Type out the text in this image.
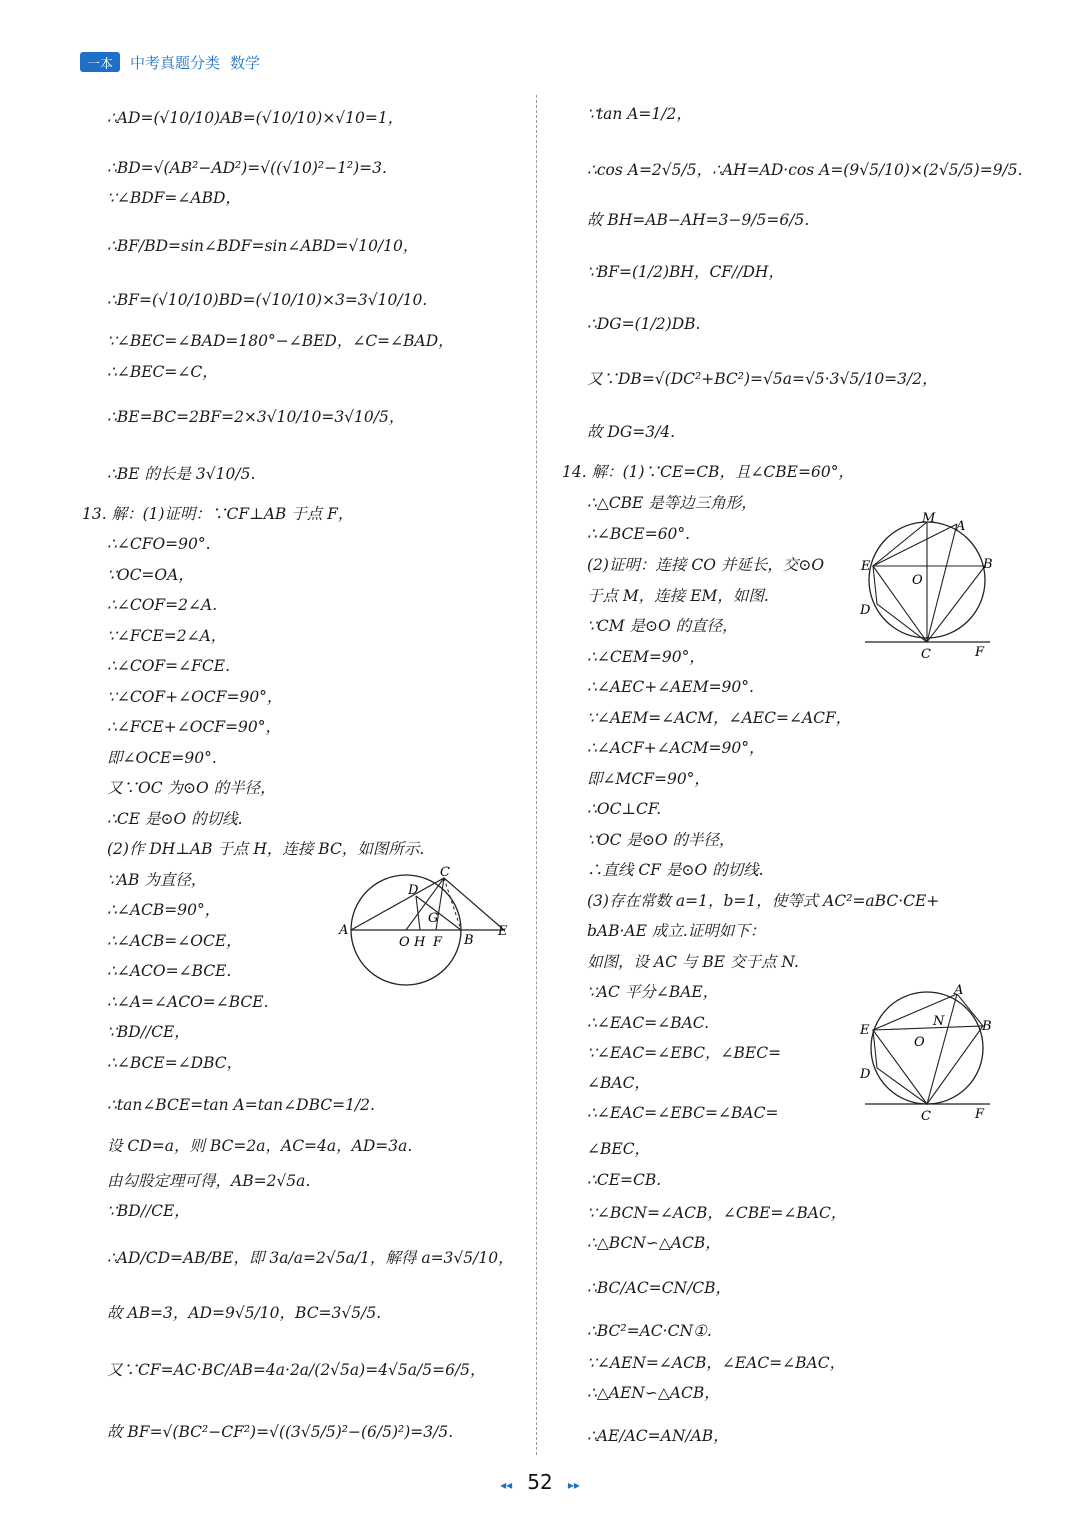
一本	中考真题分类 数学
∴AD=(√10/10)AB=(√10/10)×√10=1，
∴BD=√(AB²−AD²)=√((√10)²−1²)=3.
∵∠BDF=∠ABD，
∴BF/BD=sin∠BDF=sin∠ABD=√10/10，
∴BF=(√10/10)BD=(√10/10)×3=3√10/10.
∵∠BEC=∠BAD=180°−∠BED，∠C=∠BAD，
∴∠BEC=∠C，
∴BE=BC=2BF=2×3√10/10=3√10/5，
∴BE 的长是 3√10/5.
13. 解：(1)证明：∵CF⊥AB 于点 F，
∴∠CFO=90°.
∵OC=OA，
∴∠COF=2∠A.
∵∠FCE=2∠A，
∴∠COF=∠FCE.
∵∠COF+∠OCF=90°，
∴∠FCE+∠OCF=90°，
即∠OCE=90°.
又∵OC 为⊙O 的半径，
∴CE 是⊙O 的切线.
(2)作 DH⊥AB 于点 H，连接 BC，如图所示.
∵AB 为直径，
∴∠ACB=90°，
∴∠ACB=∠OCE，
∴∠ACO=∠BCE.
∴∠A=∠ACO=∠BCE.
∵BD//CE，
∴∠BCE=∠DBC，
∴tan∠BCE=tan A=tan∠DBC=1/2.
设 CD=a，则 BC=2a，AC=4a，AD=3a.
由勾股定理可得，AB=2√5a.
∵BD//CE，
∴AD/CD=AB/BE，即 3a/a=2√5a/1，解得 a=3√5/10，
故 AB=3，AD=9√5/10，BC=3√5/5.
又∵CF=AC·BC/AB=4a·2a/(2√5a)=4√5a/5=6/5，
故 BF=√(BC²−CF²)=√((3√5/5)²−(6/5)²)=3/5.
A
O H F B
E
C
D
G
∵tan A=1/2，
∴cos A=2√5/5，∴AH=AD·cos A=(9√5/10)×(2√5/5)=9/5.
故 BH=AB−AH=3−9/5=6/5.
∵BF=(1/2)BH，CF//DH，
∴DG=(1/2)DB.
又∵DB=√(DC²+BC²)=√5a=√5·3√5/10=3/2，
故 DG=3/4.
14. 解：(1)∵CE=CB，且∠CBE=60°，
∴△CBE 是等边三角形，
∴∠BCE=60°.
(2)证明：连接 CO 并延长，交⊙O
于点 M，连接 EM，如图.
∵CM 是⊙O 的直径，
∴∠CEM=90°，
∴∠AEC+∠AEM=90°.
∵∠AEM=∠ACM，∠AEC=∠ACF，
∴∠ACF+∠ACM=90°，
即∠MCF=90°，
∴OC⊥CF.
∵OC 是⊙O 的半径，
∴直线 CF 是⊙O 的切线.
(3)存在常数 a=1，b=1，使等式 AC²=aBC·CE+
bAB·AE 成立.证明如下：
如图，设 AC 与 BE 交于点 N.
∵AC 平分∠BAE，
∴∠EAC=∠BAC.
∵∠EAC=∠EBC，∠BEC=
∠BAC，
∴∠EAC=∠EBC=∠BAC=
∠BEC，
∴CE=CB.
∵∠BCN=∠ACB，∠CBE=∠BAC，
∴△BCN∽△ACB，
∴BC/AC=CN/CB，
∴BC²=AC·CN①.
∵∠AEN=∠ACB，∠EAC=∠BAC，
∴△AEN∽△ACB，
∴AE/AC=AN/AB，
M
A
B
E
O
D
C	F
A
B
E
N
O
D
C	F
◂◂ 52 ▸▸
